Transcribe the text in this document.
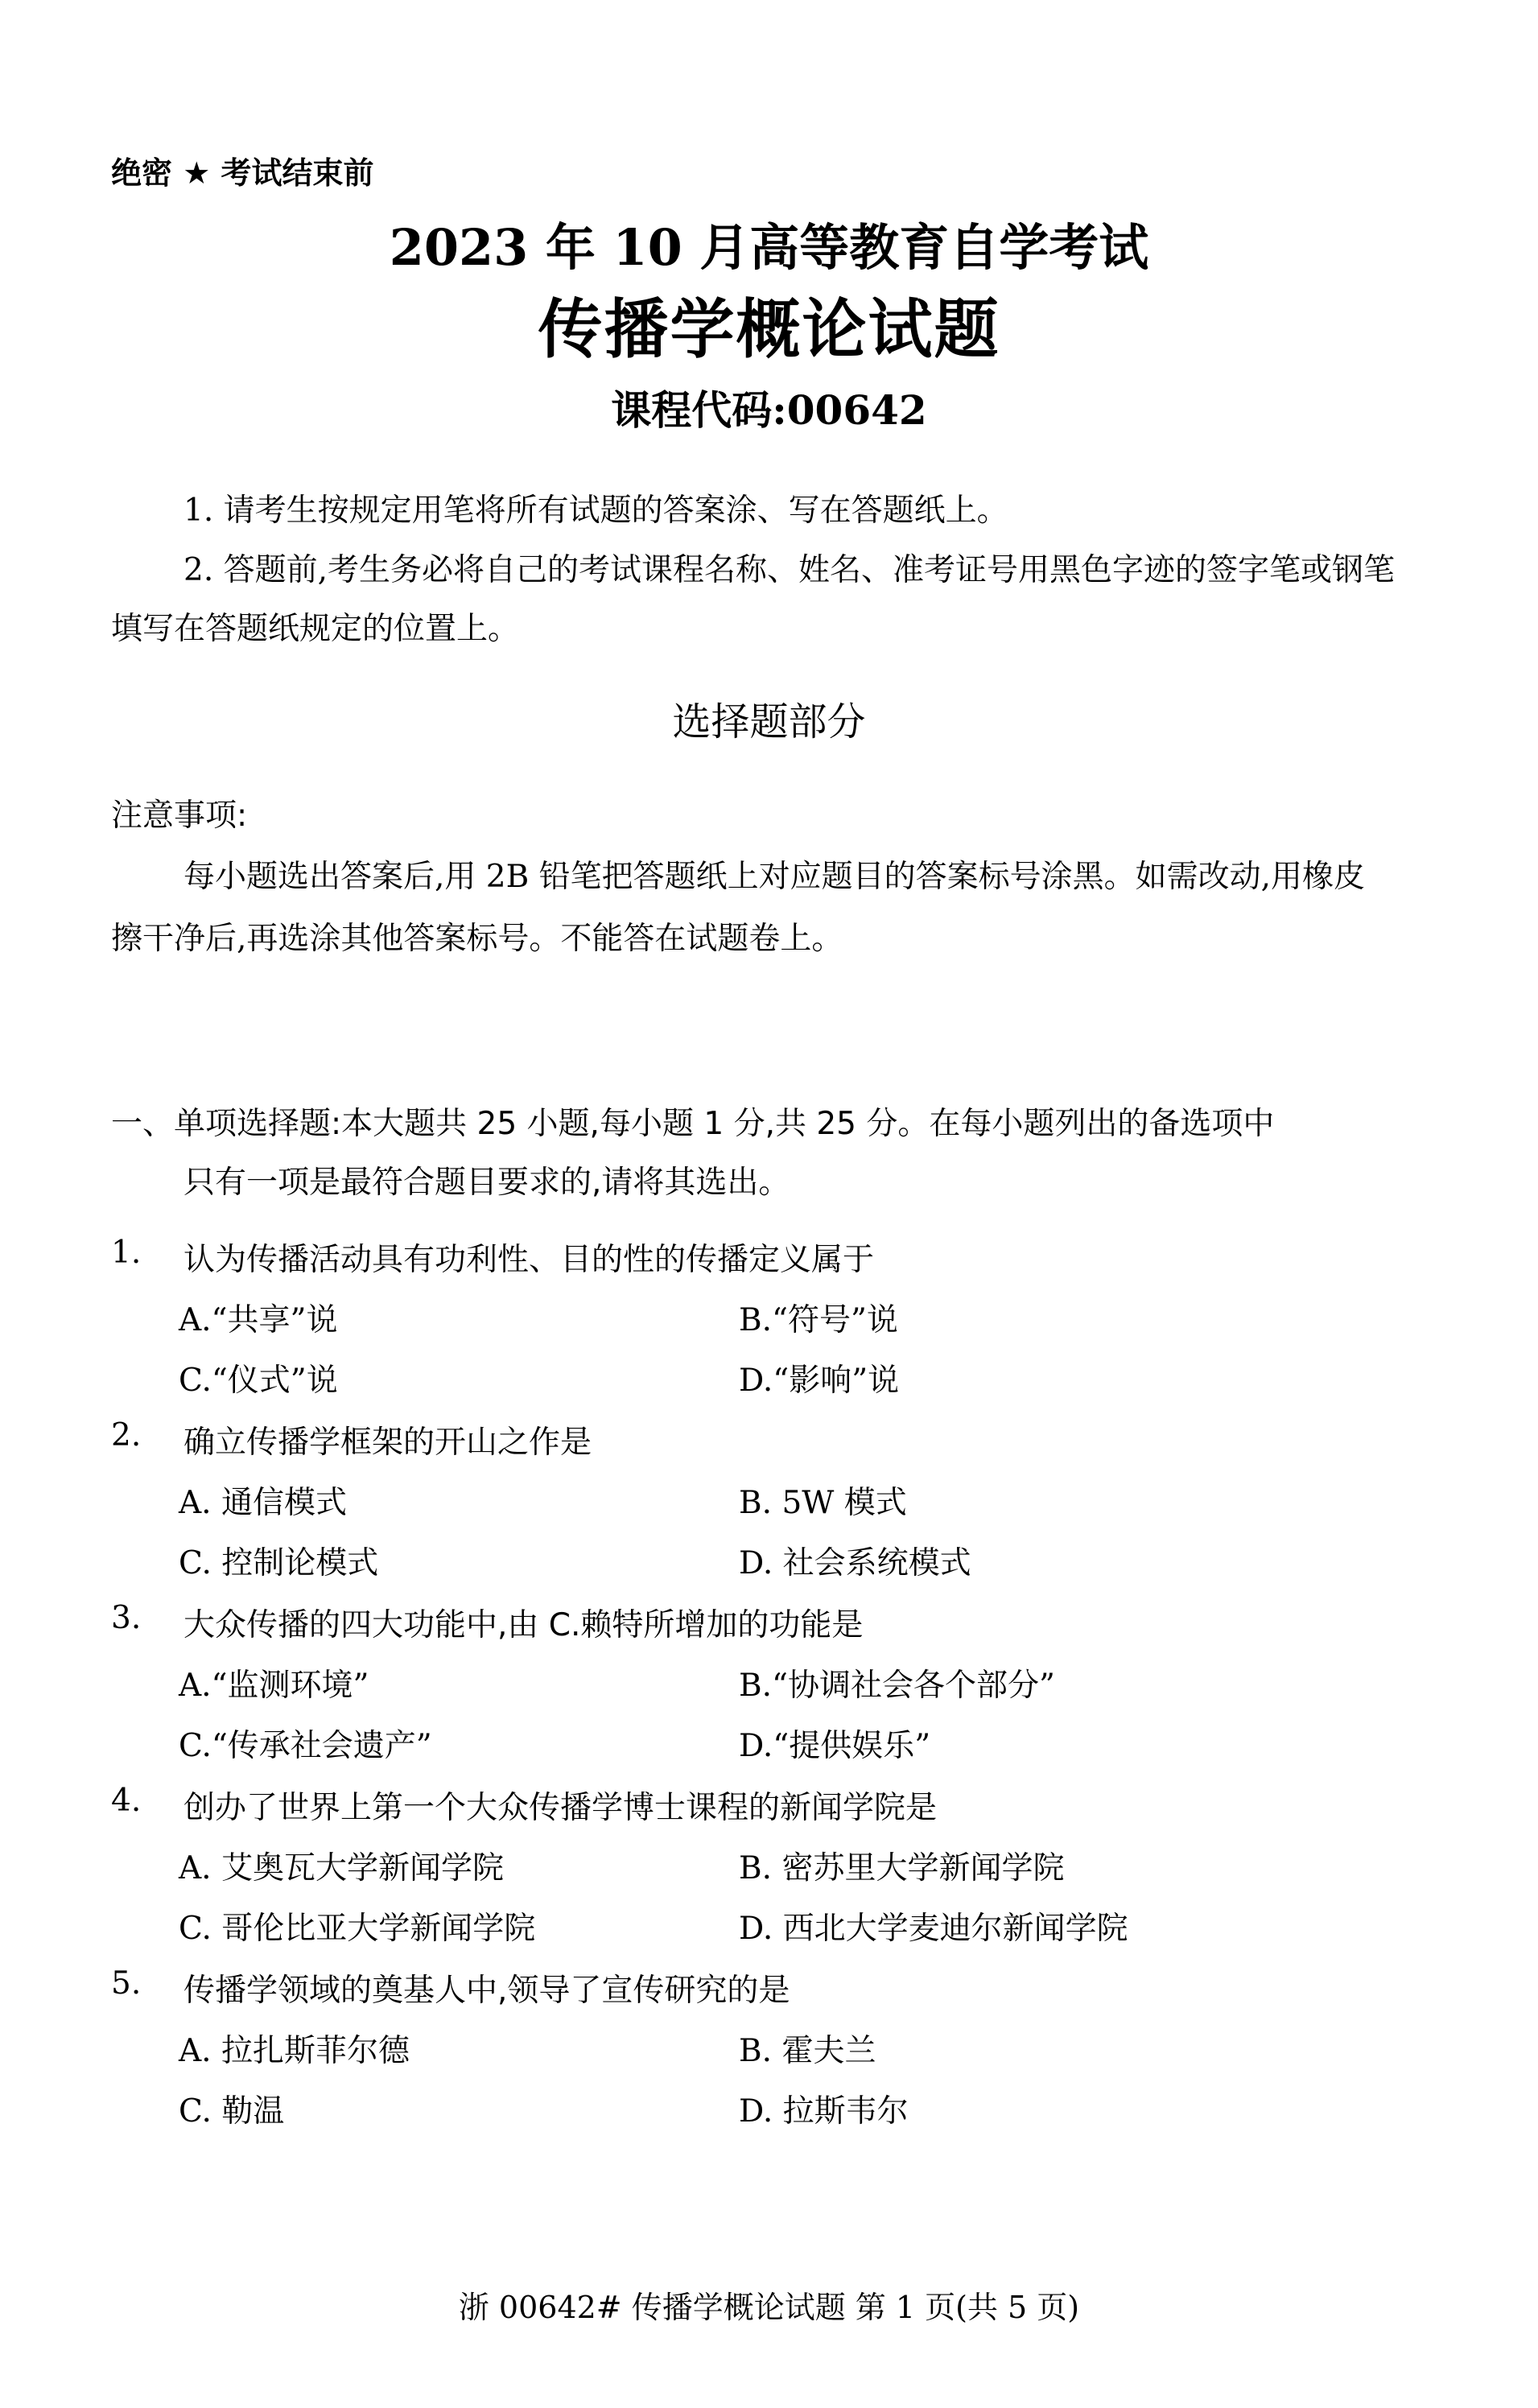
绝密 ★ 考试结束前
2023 年 10 月高等教育自学考试
传播学概论试题
课程代码:00642
1. 请考生按规定用笔将所有试题的答案涂、写在答题纸上。
2. 答题前,考生务必将自己的考试课程名称、姓名、准考证号用黑色字迹的签字笔或钢笔
填写在答题纸规定的位置上。
选择题部分
注意事项:
每小题选出答案后,用 2B 铅笔把答题纸上对应题目的答案标号涂黑。如需改动,用橡皮
擦干净后,再选涂其他答案标号。不能答在试题卷上。
一、单项选择题:本大题共 25 小题,每小题 1 分,共 25 分。在每小题列出的备选项中
只有一项是最符合题目要求的,请将其选出。
1. 认为传播活动具有功利性、目的性的传播定义属于
A.“共享”说	B.“符号”说
C.“仪式”说	D.“影响”说
2. 确立传播学框架的开山之作是
A. 通信模式	B. 5W 模式
C. 控制论模式	D. 社会系统模式
3. 大众传播的四大功能中,由 C.赖特所增加的功能是
A.“监测环境”	B.“协调社会各个部分”
C.“传承社会遗产”	D.“提供娱乐”
4. 创办了世界上第一个大众传播学博士课程的新闻学院是
A. 艾奥瓦大学新闻学院	B. 密苏里大学新闻学院
C. 哥伦比亚大学新闻学院	D. 西北大学麦迪尔新闻学院
5. 传播学领域的奠基人中,领导了宣传研究的是
A. 拉扎斯菲尔德	B. 霍夫兰
C. 勒温	D. 拉斯韦尔
浙 00642# 传播学概论试题 第 1 页(共 5 页)
